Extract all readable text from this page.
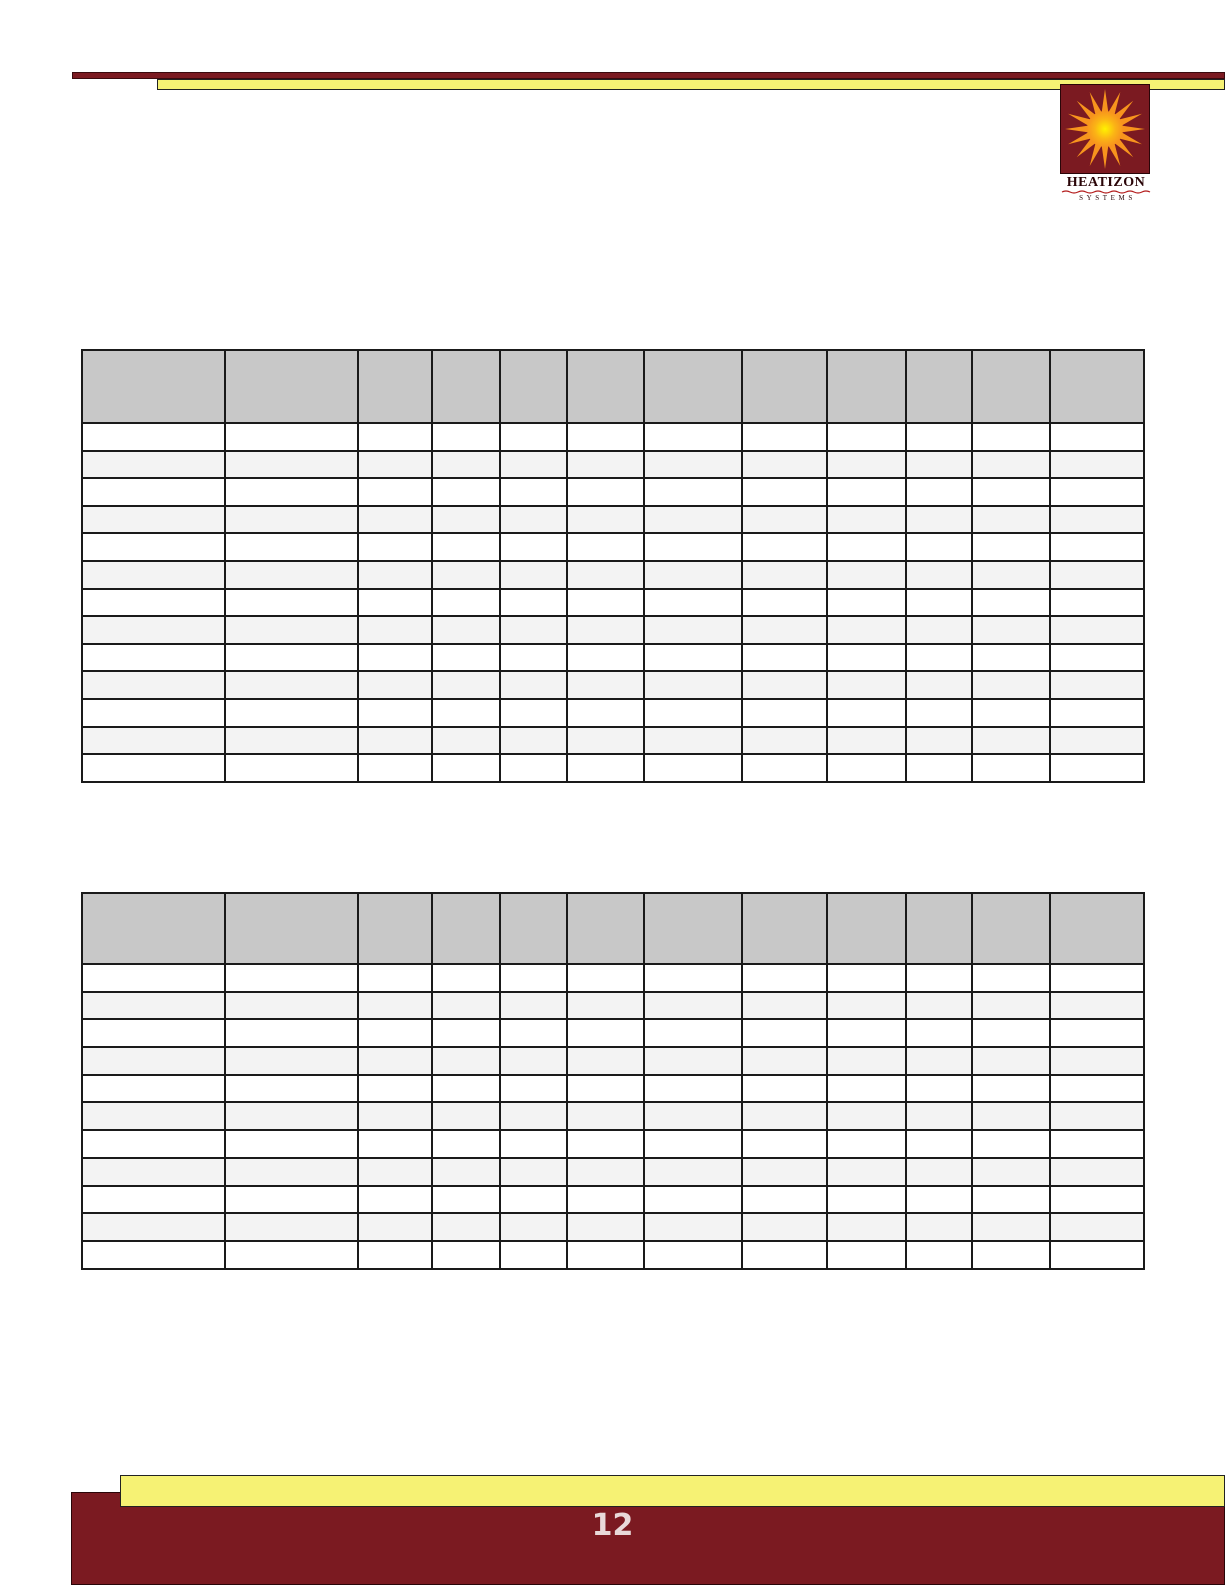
HEATIZON
SYSTEMS

12
